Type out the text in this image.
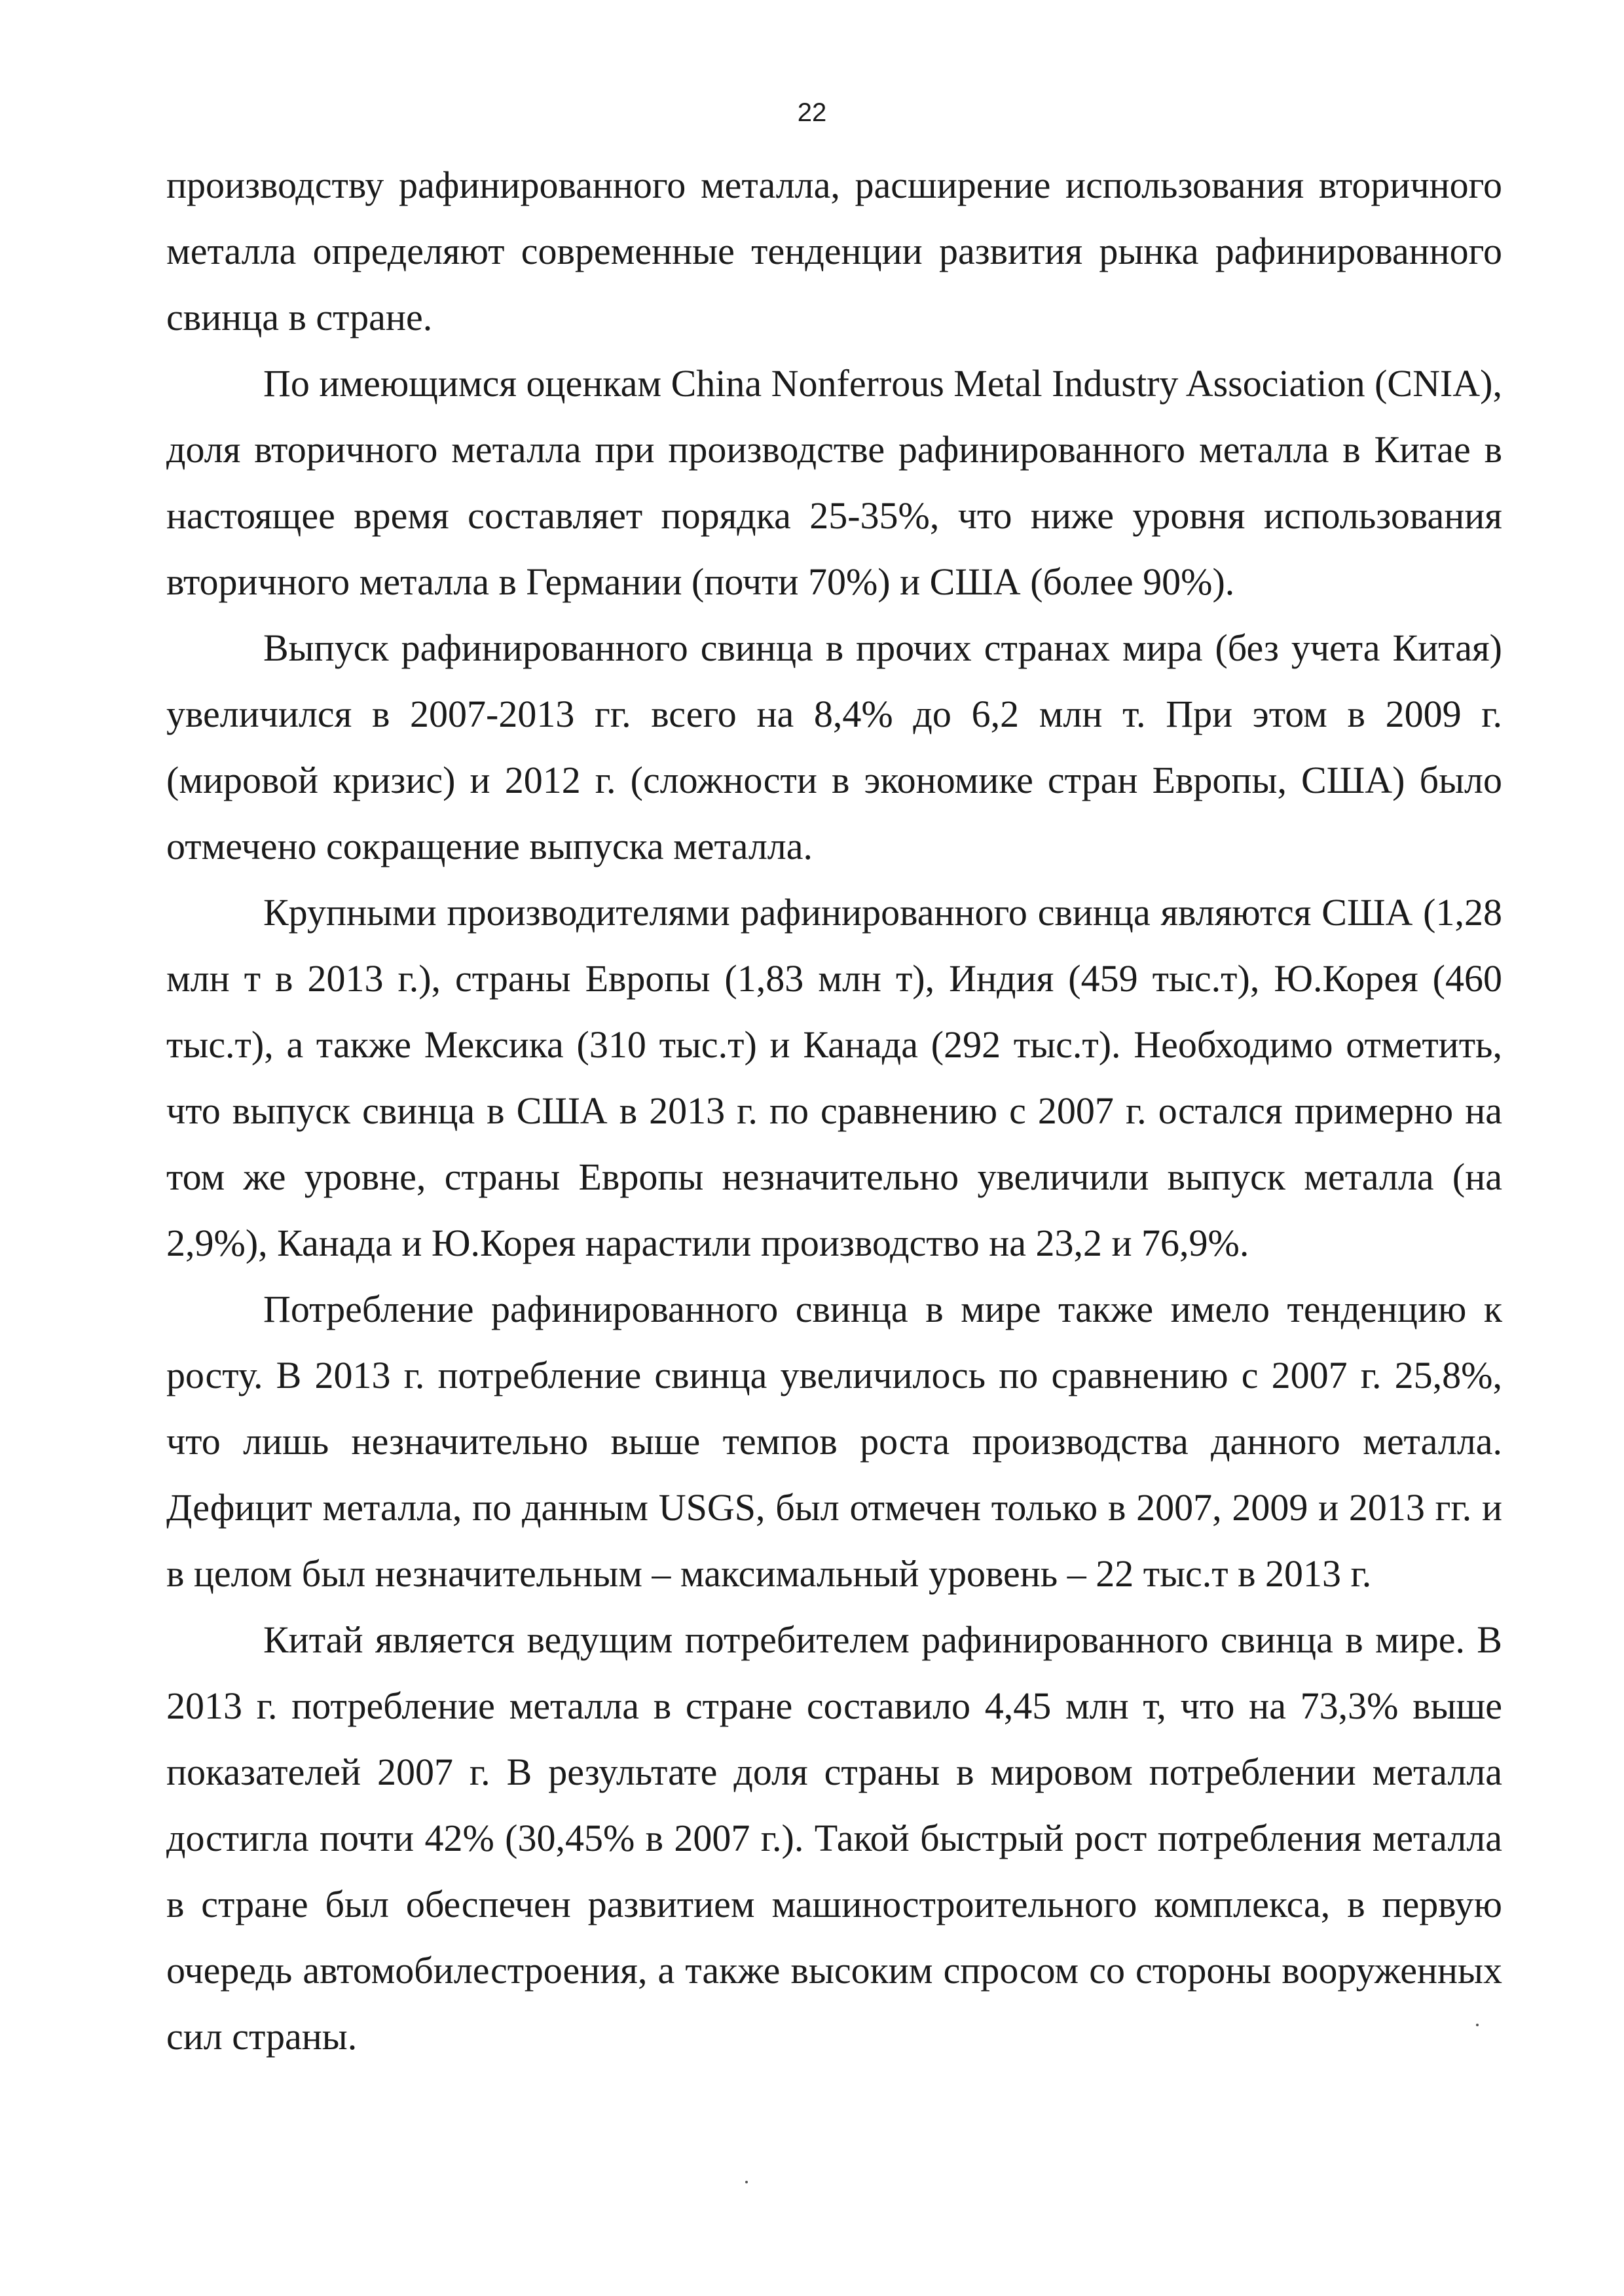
22

производству рафинированного металла, расширение использования вторичного металла определяют современные тенденции развития рынка рафинированного свинца в стране.

По имеющимся оценкам China Nonferrous Metal Industry Association (CNIA), доля вторичного металла при производстве рафинированного металла в Китае в настоящее время составляет порядка 25-35%, что ниже уровня использования вторичного металла в Германии (почти 70%) и США (более 90%).

Выпуск рафинированного свинца в прочих странах мира (без учета Китая) увеличился в 2007-2013 гг. всего на 8,4% до 6,2 млн т. При этом в 2009 г. (мировой кризис) и 2012 г. (сложности в экономике стран Европы, США) было отмечено сокращение выпуска металла.

Крупными производителями рафинированного свинца являются США (1,28 млн т в 2013 г.), страны Европы (1,83 млн т), Индия (459 тыс.т), Ю.Корея (460 тыс.т), а также Мексика (310 тыс.т) и Канада (292 тыс.т). Необходимо отметить, что выпуск свинца в США в 2013 г. по сравнению с 2007 г. остался примерно на том же уровне, страны Европы незначительно увеличили выпуск металла (на 2,9%), Канада и Ю.Корея нарастили производство на 23,2 и 76,9%.

Потребление рафинированного свинца в мире также имело тенденцию к росту. В 2013 г. потребление свинца увеличилось по сравнению с 2007 г. 25,8%, что лишь незначительно выше темпов роста производства данного металла. Дефицит металла, по данным USGS, был отмечен только в 2007, 2009 и 2013 гг. и в целом был незначительным – максимальный уровень – 22 тыс.т в 2013 г.

Китай является ведущим потребителем рафинированного свинца в мире. В 2013 г. потребление металла в стране составило 4,45 млн т, что на 73,3% выше показателей 2007 г. В результате доля страны в мировом потреблении металла достигла почти 42% (30,45% в 2007 г.). Такой быстрый рост потребления металла в стране был обеспечен развитием машиностроительного комплекса, в первую очередь автомобилестроения, а также высоким спросом со стороны вооруженных сил страны.
